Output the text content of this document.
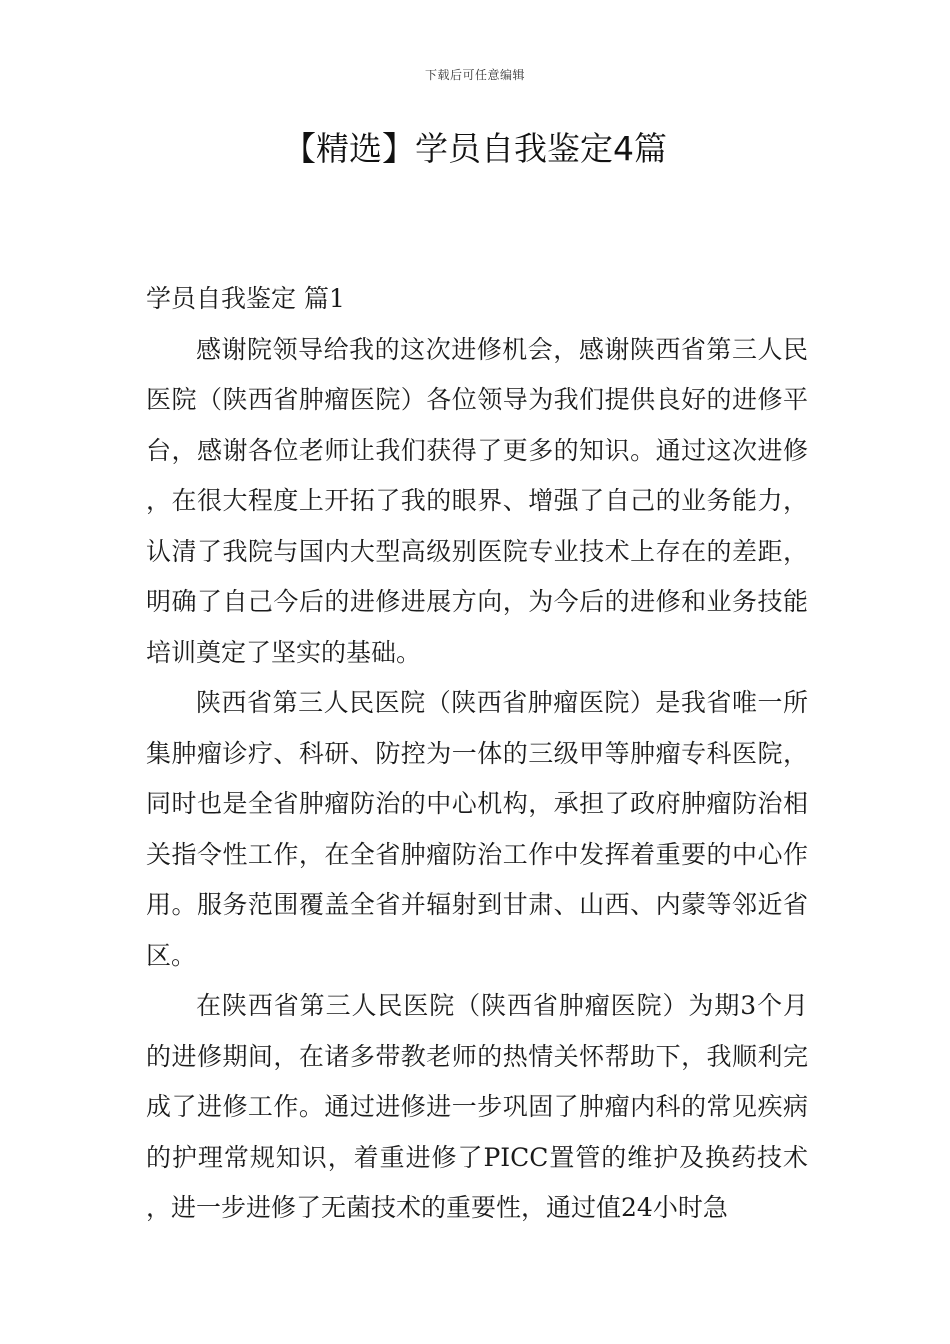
下载后可任意编辑
【精选】学员自我鉴定4篇

学员自我鉴定 篇1

感谢院领导给我的这次进修机会，感谢陕西省第三人民医院（陕西省肿瘤医院）各位领导为我们提供良好的进修平台，感谢各位老师让我们获得了更多的知识。通过这次进修，在很大程度上开拓了我的眼界、增强了自己的业务能力，认清了我院与国内大型高级别医院专业技术上存在的差距，明确了自己今后的进修进展方向，为今后的进修和业务技能培训奠定了坚实的基础。

陕西省第三人民医院（陕西省肿瘤医院）是我省唯一所集肿瘤诊疗、科研、防控为一体的三级甲等肿瘤专科医院，同时也是全省肿瘤防治的中心机构，承担了政府肿瘤防治相关指令性工作，在全省肿瘤防治工作中发挥着重要的中心作用。服务范围覆盖全省并辐射到甘肃、山西、内蒙等邻近省区。

在陕西省第三人民医院（陕西省肿瘤医院）为期3个月的进修期间，在诸多带教老师的热情关怀帮助下，我顺利完成了进修工作。通过进修进一步巩固了肿瘤内科的常见疾病的护理常规知识，着重进修了PICC置管的维护及换药技术，进一步进修了无菌技术的重要性，通过值24小时急
